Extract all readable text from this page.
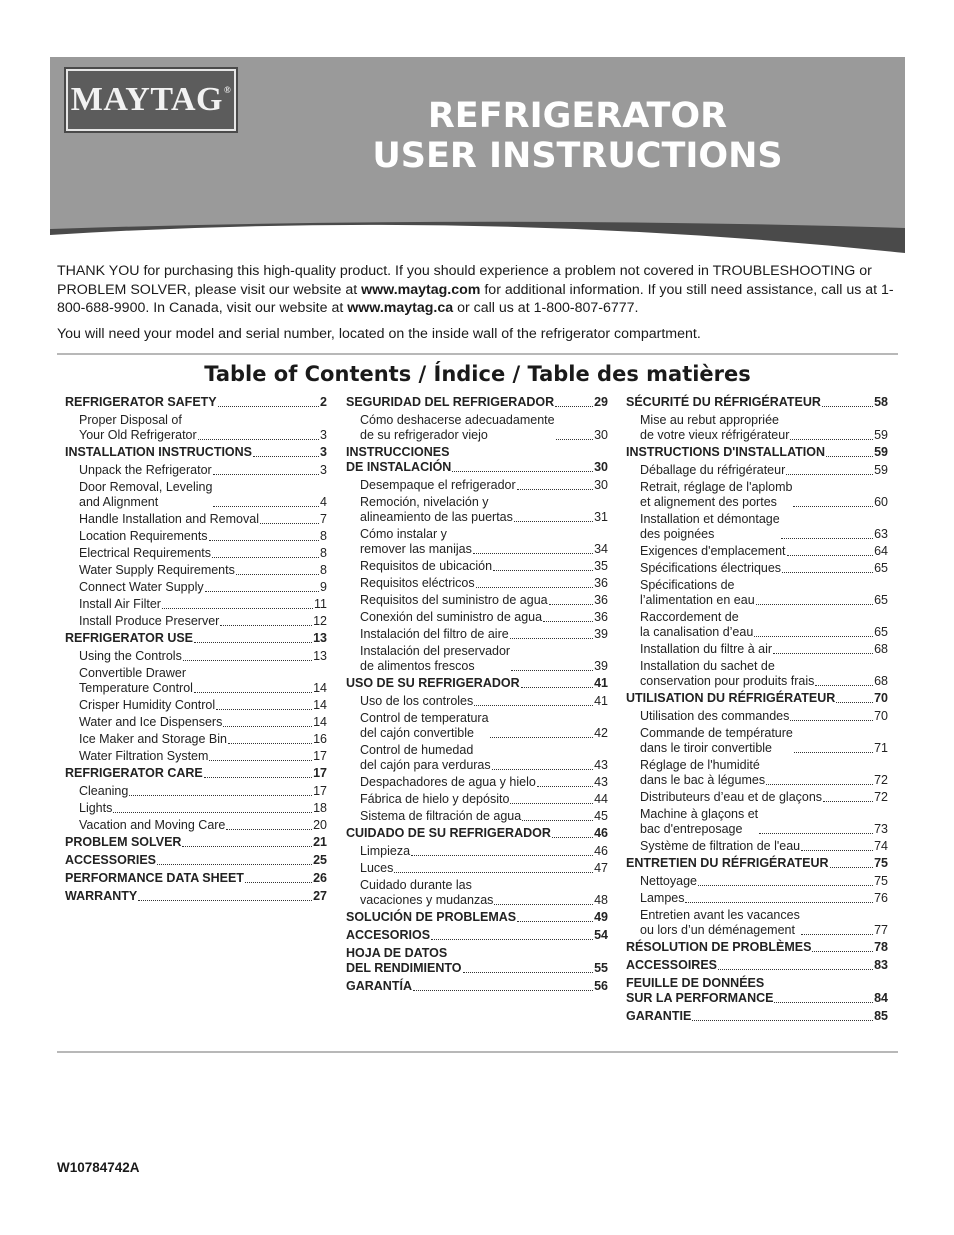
MAYTAG ®
REFRIGERATOR
USER INSTRUCTIONS

THANK YOU for purchasing this high-quality product. If you should experience a problem not covered in TROUBLESHOOTING or PROBLEM SOLVER, please visit our website at www.maytag.com for additional information. If you still need assistance, call us at 1-800-688-9900. In Canada, visit our website at www.maytag.ca or call us at 1-800-807-6777.

You will need your model and serial number, located on the inside wall of the refrigerator compartment.

Table of Contents / Índice / Table des matières
REFRIGERATOR SAFETY	2
Proper Disposal of
Your Old Refrigerator	3
INSTALLATION INSTRUCTIONS	3
Unpack the Refrigerator	3
Door Removal, Leveling
and Alignment	4
Handle Installation and Removal	7
Location Requirements	8
Electrical Requirements	8
Water Supply Requirements	8
Connect Water Supply	9
Install Air Filter	11
Install Produce Preserver	12
REFRIGERATOR USE	13
Using the Controls	13
Convertible Drawer
Temperature Control	14
Crisper Humidity Control	14
Water and Ice Dispensers	14
Ice Maker and Storage Bin	16
Water Filtration System	17
REFRIGERATOR CARE	17
Cleaning	17
Lights	18
Vacation and Moving Care	20
PROBLEM SOLVER	21
ACCESSORIES	25
PERFORMANCE DATA SHEET	26
WARRANTY	27
SEGURIDAD DEL REFRIGERADOR	29
Cómo deshacerse adecuadamente
de su refrigerador viejo	30
INSTRUCCIONES
DE INSTALACIÓN	30
Desempaque el refrigerador	30
Remoción, nivelación y
alineamiento de las puertas	31
Cómo instalar y
remover las manijas	34
Requisitos de ubicación	35
Requisitos eléctricos	36
Requisitos del suministro de agua	36
Conexión del suministro de agua	36
Instalación del filtro de aire	39
Instalación del preservador
de alimentos frescos	39
USO DE SU REFRIGERADOR	41
Uso de los controles	41
Control de temperatura
del cajón convertible	42
Control de humedad
del cajón para verduras	43
Despachadores de agua y hielo	43
Fábrica de hielo y depósito	44
Sistema de filtración de agua	45
CUIDADO DE SU REFRIGERADOR	46
Limpieza	46
Luces	47
Cuidado durante las
vacaciones y mudanzas	48
SOLUCIÓN DE PROBLEMAS	49
ACCESORIOS	54
HOJA DE DATOS
DEL RENDIMIENTO	55
GARANTÍA	56
SÉCURITÉ DU RÉFRIGÉRATEUR	58
Mise au rebut appropriée
de votre vieux réfrigérateur	59
INSTRUCTIONS D'INSTALLATION	59
Déballage du réfrigérateur	59
Retrait, réglage de l'aplomb
et alignement des portes	60
Installation et démontage
des poignées	63
Exigences d'emplacement	64
Spécifications électriques	65
Spécifications de
l’alimentation en eau	65
Raccordement de
la canalisation d’eau	65
Installation du filtre à air	68
Installation du sachet de
conservation pour produits frais	68
UTILISATION DU RÉFRIGÉRATEUR	70
Utilisation des commandes	70
Commande de température
dans le tiroir convertible	71
Réglage de l'humidité
dans le bac à légumes	72
Distributeurs d’eau et de glaçons	72
Machine à glaçons et
bac d'entreposage	73
Système de filtration de l'eau	74
ENTRETIEN DU RÉFRIGÉRATEUR	75
Nettoyage	75
Lampes	76
Entretien avant les vacances
ou lors d’un déménagement	77
RÉSOLUTION DE PROBLÈMES	78
ACCESSOIRES	83
FEUILLE DE DONNÉES
SUR LA PERFORMANCE	84
GARANTIE	85
W10784742A
